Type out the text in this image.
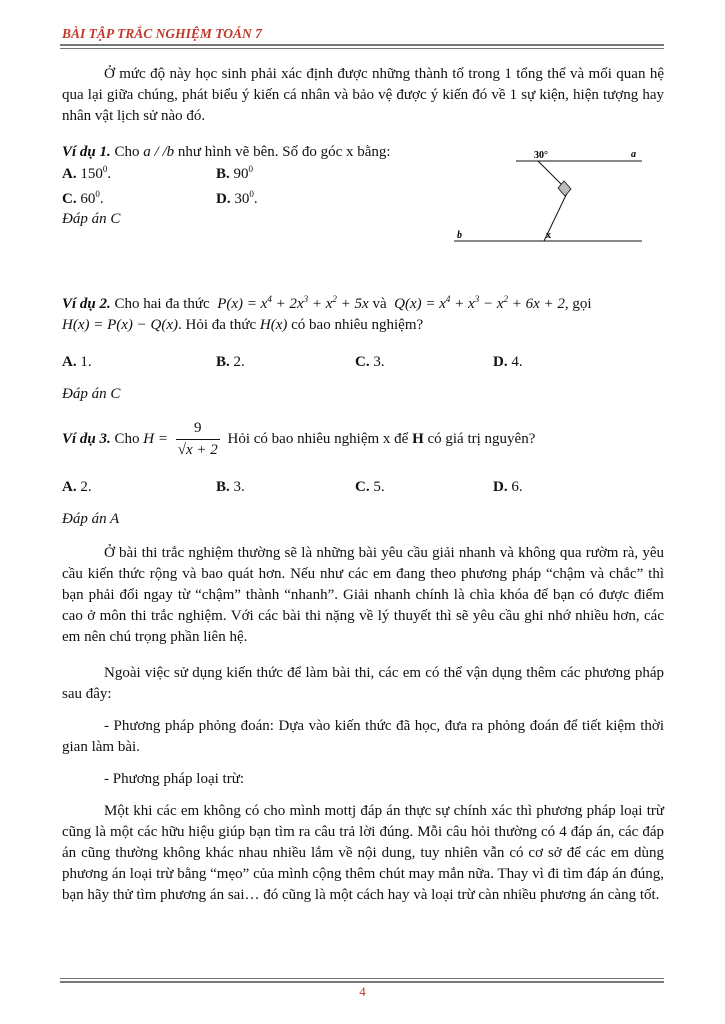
BÀI TẬP TRẮC NGHIỆM TOÁN 7

Ở mức độ này học sinh phải xác định được những thành tố trong 1 tổng thể và mối quan hệ qua lại giữa chúng, phát biểu ý kiến cá nhân và bảo vệ được ý kiến đó về 1 sự kiện, hiện tượng hay nhân vật lịch sử nào đó.

Ví dụ 1. Cho a / /b như hình vẽ bên. Số đo góc x bằng:
A. $150^0$.	B. $90^0$
C. $60^0$.	D. $30^0$.
Đáp án C
30°	a
b	x
Ví dụ 2. Cho hai đa thức $P(x) = x^4 + 2x^3 + x^2 + 5x$ và $Q(x) = x^4 + x^3 - x^2 + 6x + 2$, gọi
H(x) = P(x) − Q(x). Hỏi đa thức H(x) có bao nhiêu nghiệm?
A. 1.	B. 2.	C. 3.	D. 4.
Đáp án C
Ví dụ 3. Cho $H = \frac{9}{√x + 2}$ Hỏi có bao nhiêu nghiệm x để H có giá trị nguyên?
A. 2.	B. 3.	C. 5.	D. 6.
Đáp án A

Ở bài thi trắc nghiệm thường sẽ là những bài yêu cầu giải nhanh và không qua rườm rà, yêu cầu kiến thức rộng và bao quát hơn. Nếu như các em đang theo phương pháp “chậm và chắc” thì bạn phải đổi ngay từ “chậm” thành “nhanh”. Giải nhanh chính là chìa khóa để bạn có được điểm cao ở môn thi trắc nghiệm. Với các bài thi nặng về lý thuyết thì sẽ yêu cầu ghi nhớ nhiều hơn, các em nên chú trọng phần liên hệ.

Ngoài việc sử dụng kiến thức để làm bài thi, các em có thể vận dụng thêm các phương pháp sau đây:

- Phương pháp phỏng đoán: Dựa vào kiến thức đã học, đưa ra phỏng đoán để tiết kiệm thời gian làm bài.

- Phương pháp loại trừ:

Một khi các em không có cho mình mottj đáp án thực sự chính xác thì phương pháp loại trừ cũng là một các hữu hiệu giúp bạn tìm ra câu trả lời đúng. Mỗi câu hỏi thường có 4 đáp án, các đáp án cũng thường không khác nhau nhiều lắm về nội dung, tuy nhiên vẫn có cơ sở để các em dùng phương án loại trừ bằng “mẹo” của mình cộng thêm chút may mắn nữa. Thay vì đi tìm đáp án đúng, bạn hãy thử tìm phương án sai… đó cũng là một cách hay và loại trừ càn nhiều phương án càng tốt.

4
